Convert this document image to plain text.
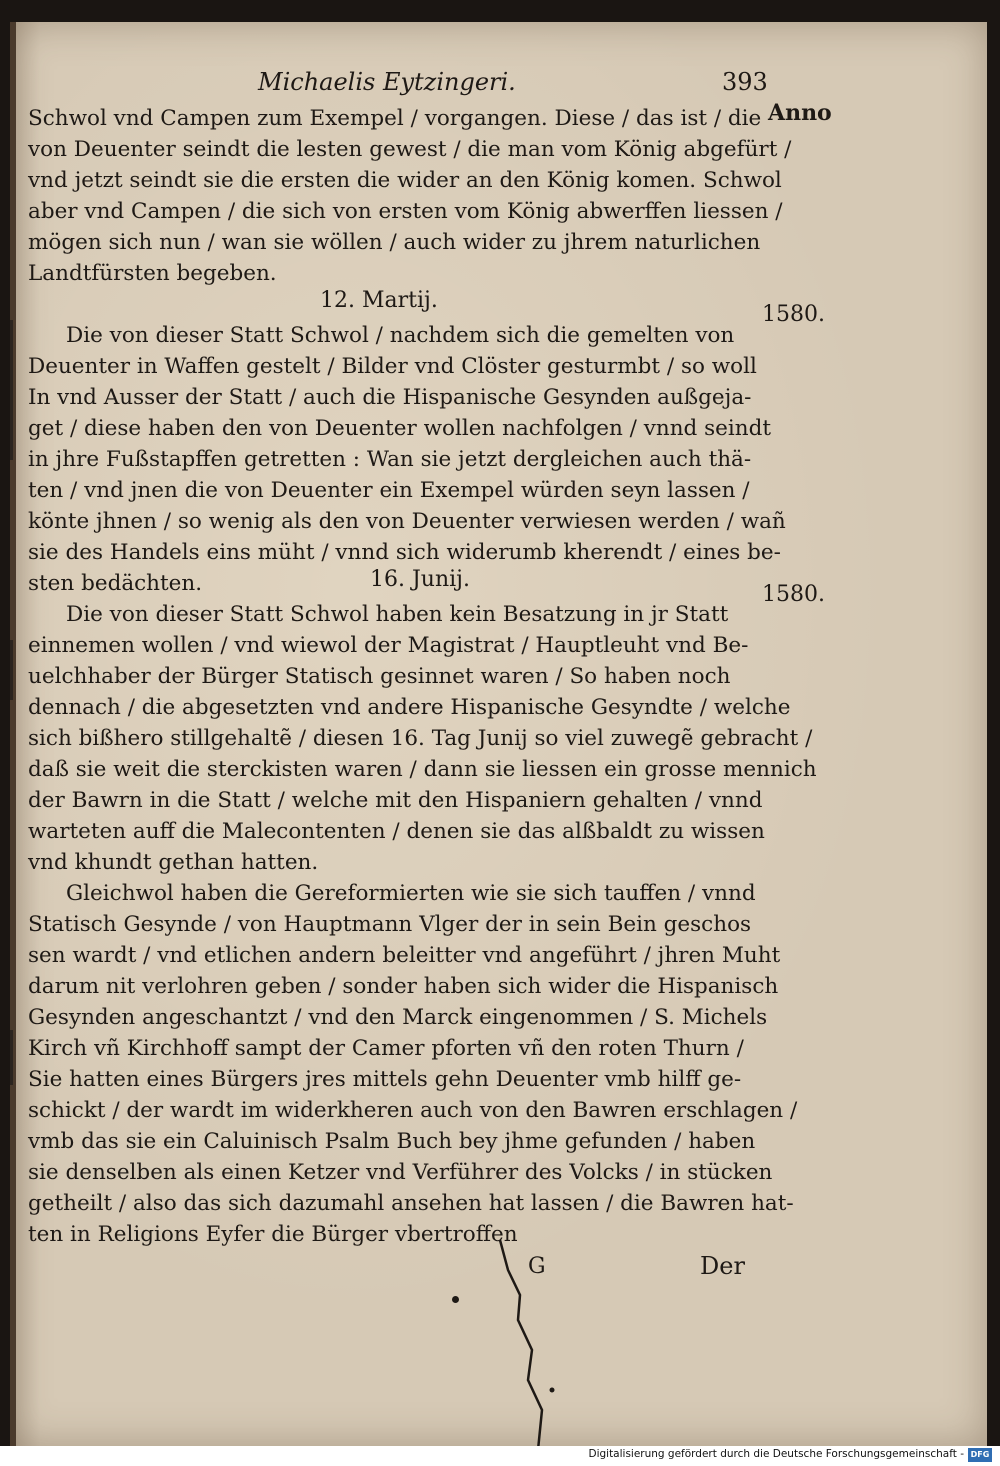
Michaelis Eytzingeri.	393
Anno
1580.
1580.
12. Martij.
16. Junij.
Schwol vnd Campen zum Exempel / vorgangen. Diese / das ist / die
von Deuenter seindt die lesten gewest / die man vom König abgefürt /
vnd jetzt seindt sie die ersten die wider an den König komen. Schwol
aber vnd Campen / die sich von ersten vom König abwerffen liessen /
mögen sich nun / wan sie wöllen / auch wider zu jhrem naturlichen
Landtfürsten begeben.
Die von dieser Statt Schwol / nachdem sich die gemelten von
Deuenter in Waffen gestelt / Bilder vnd Clöster gesturmbt / so woll
In vnd Ausser der Statt / auch die Hispanische Gesynden außgeja-
get / diese haben den von Deuenter wollen nachfolgen / vnnd seindt
in jhre Fußstapffen getretten : Wan sie jetzt dergleichen auch thä-
ten / vnd jnen die von Deuenter ein Exempel würden seyn lassen /
könte jhnen / so wenig als den von Deuenter verwiesen werden / wañ
sie des Handels eins müht / vnnd sich widerumb kherendt / eines be-
sten bedächten.
Die von dieser Statt Schwol haben kein Besatzung in jr Statt
einnemen wollen / vnd wiewol der Magistrat / Hauptleuht vnd Be-
uelchhaber der Bürger Statisch gesinnet waren / So haben noch
dennach / die abgesetzten vnd andere Hispanische Gesyndte / welche
sich bißhero stillgehaltẽ / diesen 16. Tag Junij so viel zuwegẽ gebracht /
daß sie weit die sterckisten waren / dann sie liessen ein grosse mennich
der Bawrn in die Statt / welche mit den Hispaniern gehalten / vnnd
warteten auff die Malecontenten / denen sie das alßbaldt zu wissen
vnd khundt gethan hatten.
Gleichwol haben die Gereformierten wie sie sich tauffen / vnnd
Statisch Gesynde / von Hauptmann Vlger der in sein Bein geschos
sen wardt / vnd etlichen andern beleitter vnd angeführt / jhren Muht
darum nit verlohren geben / sonder haben sich wider die Hispanisch
Gesynden angeschantzt / vnd den Marck eingenommen / S. Michels
Kirch vñ Kirchhoff sampt der Camer pforten vñ den roten Thurn /
Sie hatten eines Bürgers jres mittels gehn Deuenter vmb hilff ge-
schickt / der wardt im widerkheren auch von den Bawren erschlagen /
vmb das sie ein Caluinisch Psalm Buch bey jhme gefunden / haben
sie denselben als einen Ketzer vnd Verführer des Volcks / in stücken
getheilt / also das sich dazumahl ansehen hat lassen / die Bawren hat-
ten in Religions Eyfer die Bürger vbertroffen
G	Der
Digitalisierung gefördert durch die Deutsche Forschungsgemeinschaft - DFG
